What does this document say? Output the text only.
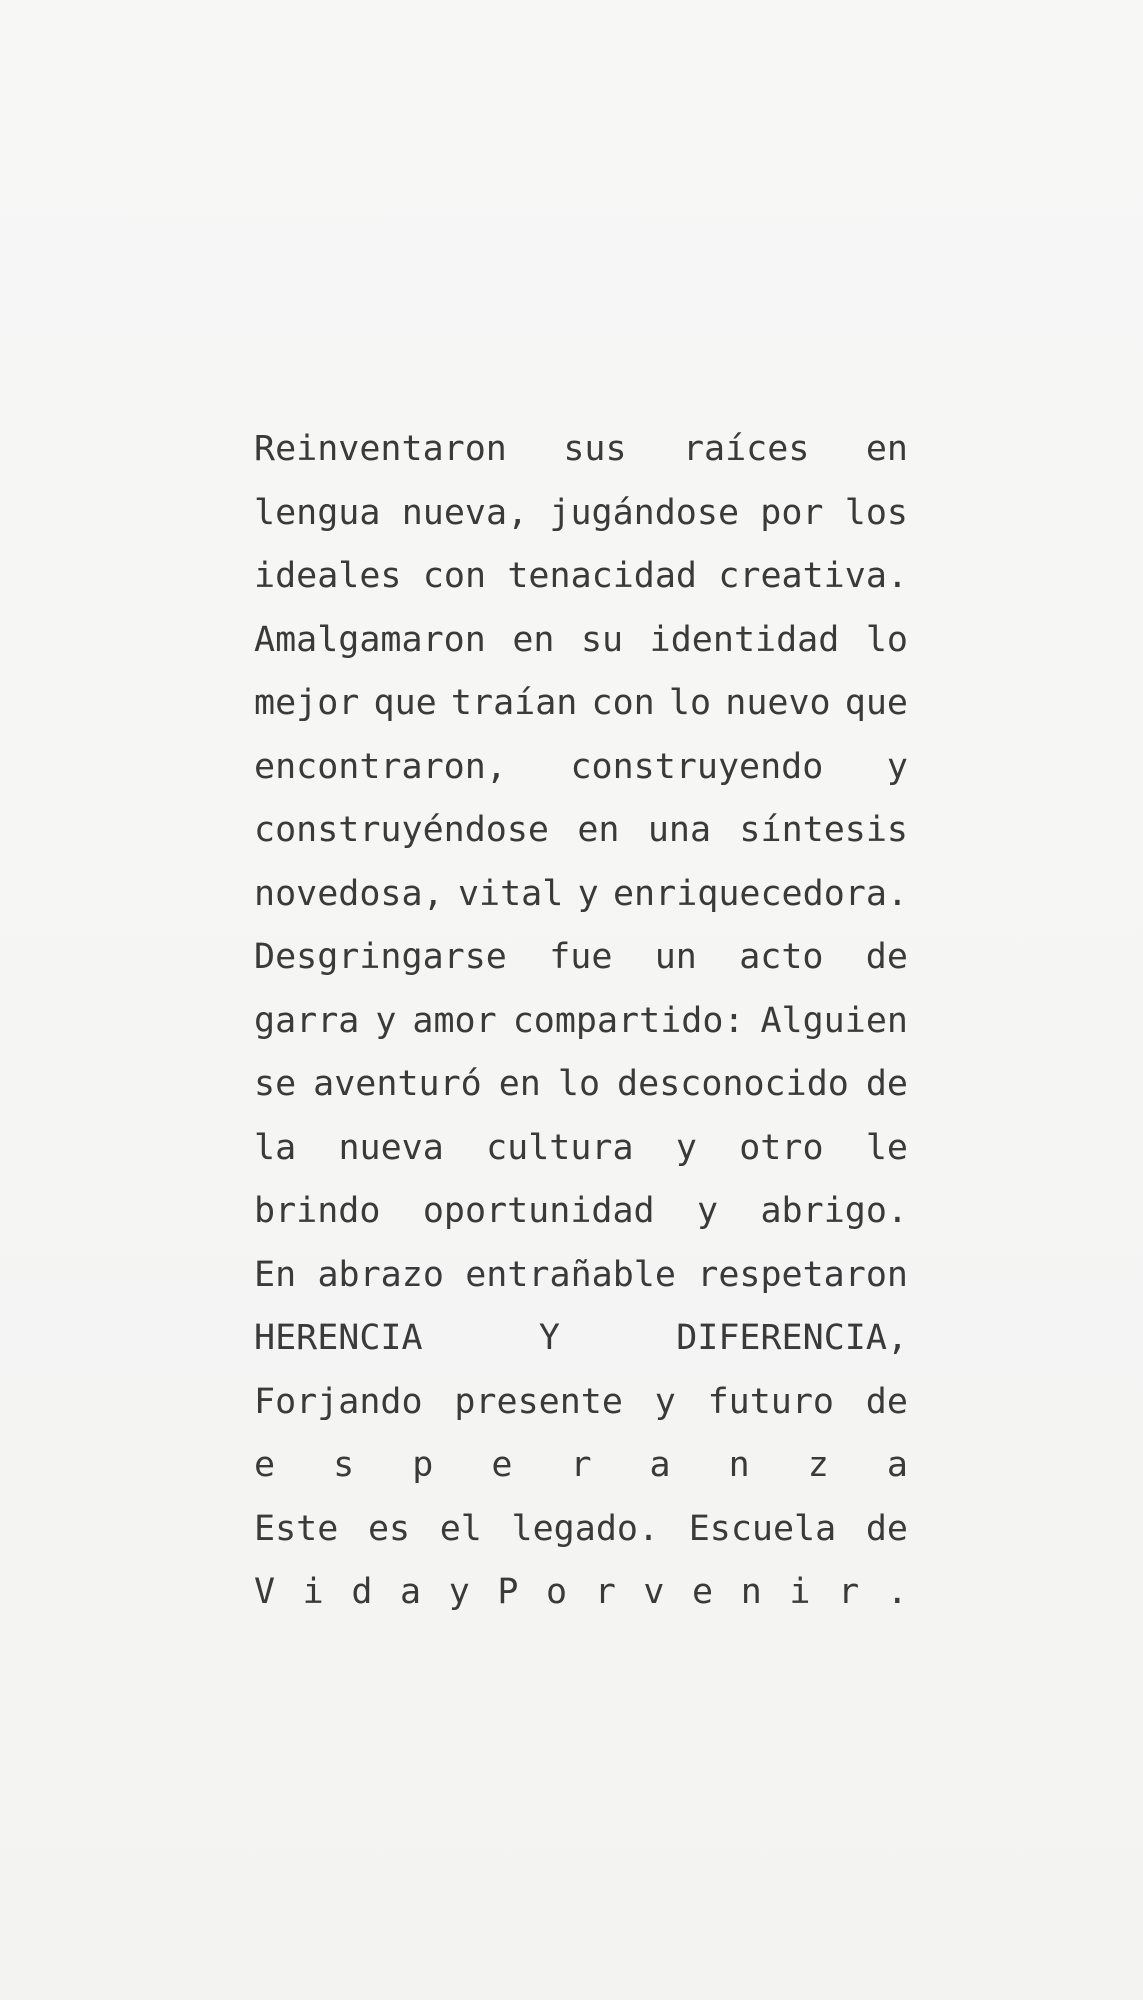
Reinventaron sus raíces en
lengua nueva, jugándose por los
ideales con tenacidad creativa.
Amalgamaron en su identidad lo
mejor que traían con lo nuevo que
encontraron, construyendo y
construyéndose en una síntesis
novedosa, vital y enriquecedora.
Desgringarse fue un acto de
garra y amor compartido: Alguien
se aventuró en lo desconocido de
la nueva cultura y otro le
brindo oportunidad y abrigo.
En abrazo entrañable respetaron
HERENCIA	Y	DIFERENCIA,
Forjando presente y futuro de
e s p e r a n z a
Este es el legado. Escuela de
V i d a y P o r v e n i r .
